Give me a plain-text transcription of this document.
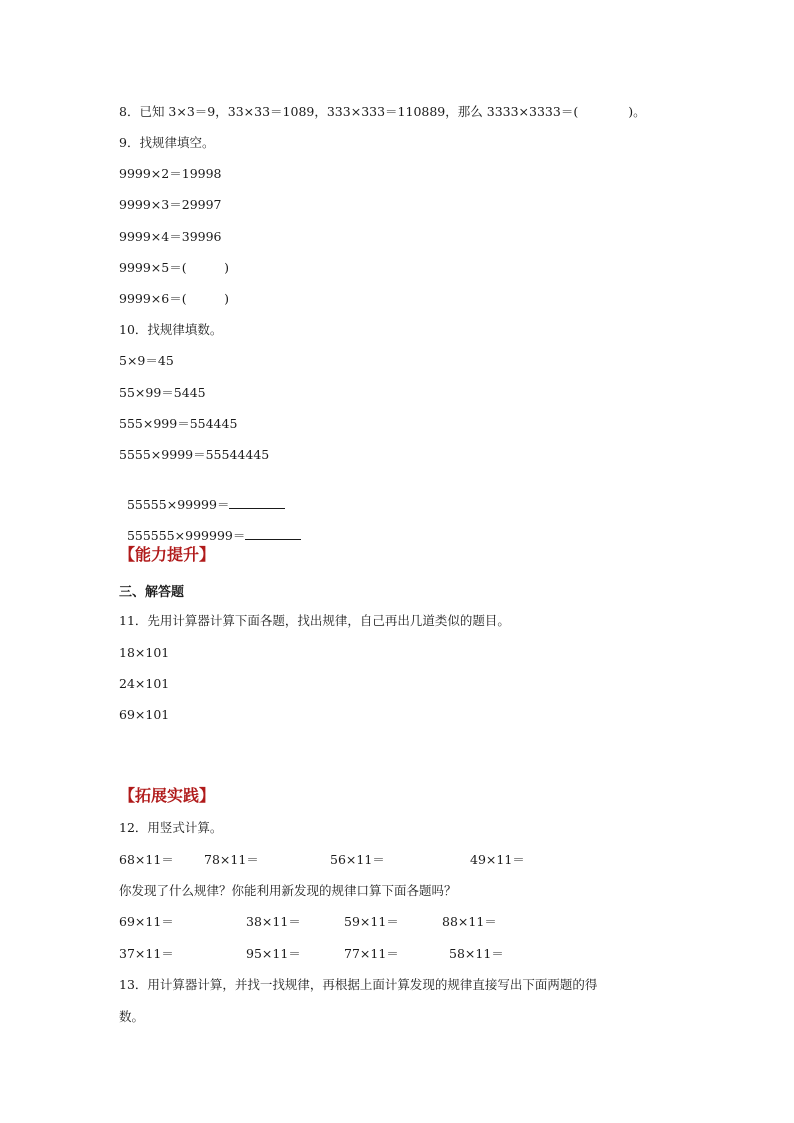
8．已知 3×3＝9，33×33＝1089，333×333＝110889，那么 3333×3333＝(　　　　)。
9．找规律填空。
9999×2＝19998
9999×3＝29997
9999×4＝39996
9999×5＝(　　　)
9999×6＝(　　　)
10．找规律填数。
5×9＝45
55×99＝5445
555×999＝554445
5555×9999＝55544445

55555×99999＝

555555×999999＝

【能力提升】
三、解答题
11．先用计算器计算下面各题，找出规律，自己再出几道类似的题目。
18×101
24×101
69×101
【拓展实践】
12．用竖式计算。
68×11＝ 78×11＝	56×11＝	49×11＝
你发现了什么规律？你能利用新发现的规律口算下面各题吗？
69×11＝	38×11＝	59×11＝	88×11＝
37×11＝	95×11＝	77×11＝	58×11＝
13．用计算器计算，并找一找规律，再根据上面计算发现的规律直接写出下面两题的得
数。
